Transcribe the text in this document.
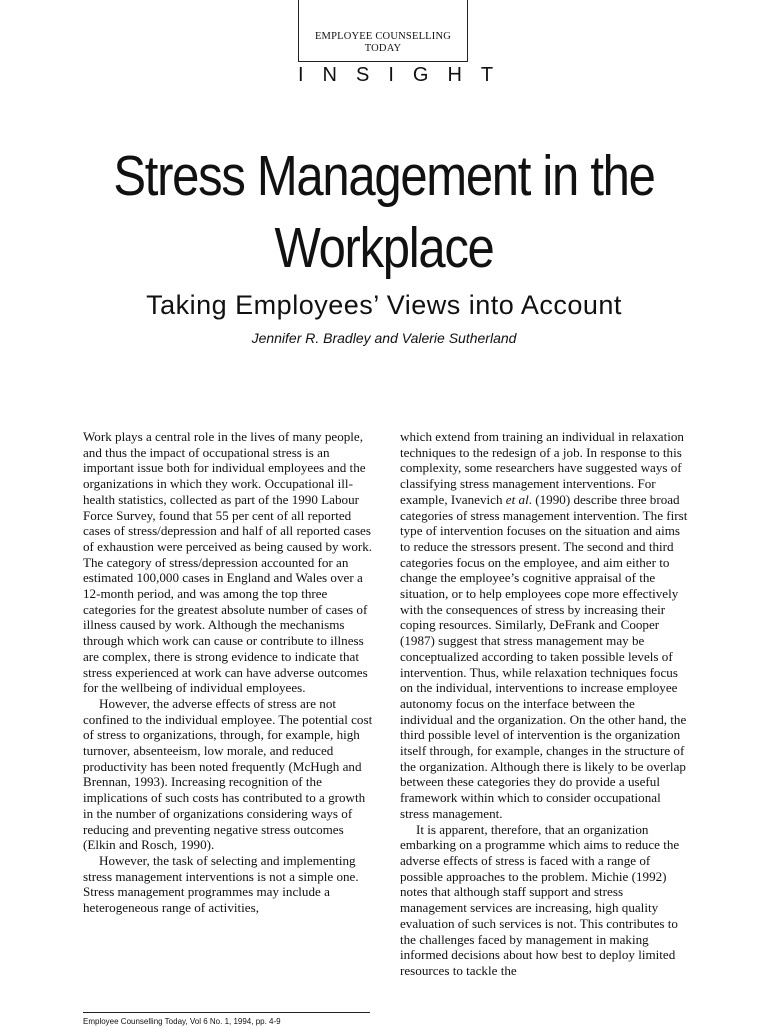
EMPLOYEE COUNSELLING
TODAY
INSIGHT
Stress Management in the
Workplace
Taking Employees’ Views into Account
Jennifer R. Bradley and Valerie Sutherland

Work plays a central role in the lives of many people, and thus the impact of occupational stress is an important issue both for individual employees and the organizations in which they work. Occupational ill-health statistics, collected as part of the 1990 Labour Force Survey, found that 55 per cent of all reported cases of stress/depression and half of all reported cases of exhaustion were perceived as being caused by work. The category of stress/depression accounted for an estimated 100,000 cases in England and Wales over a 12-month period, and was among the top three categories for the greatest absolute number of cases of illness caused by work. Although the mechanisms through which work can cause or contribute to illness are complex, there is strong evidence to indicate that stress experienced at work can have adverse outcomes for the wellbeing of individual employees.

However, the adverse effects of stress are not confined to the individual employee. The potential cost of stress to organizations, through, for example, high turnover, absenteeism, low morale, and reduced productivity has been noted frequently (McHugh and Brennan, 1993). Increasing recognition of the implications of such costs has contributed to a growth in the number of organizations considering ways of reducing and preventing negative stress outcomes (Elkin and Rosch, 1990).

However, the task of selecting and implementing stress management interventions is not a simple one. Stress management programmes may include a heterogeneous range of activities,

which extend from training an individual in relaxation techniques to the redesign of a job. In response to this complexity, some researchers have suggested ways of classifying stress management interventions. For example, Ivanevich et al. (1990) describe three broad categories of stress management intervention. The first type of intervention focuses on the situation and aims to reduce the stressors present. The second and third categories focus on the employee, and aim either to change the employee’s cognitive appraisal of the situation, or to help employees cope more effectively with the consequences of stress by increasing their coping resources. Similarly, DeFrank and Cooper (1987) suggest that stress management may be conceptualized according to taken possible levels of intervention. Thus, while relaxation techniques focus on the individual, interventions to increase employee autonomy focus on the interface between the individual and the organization. On the other hand, the third possible level of intervention is the organization itself through, for example, changes in the structure of the organization. Although there is likely to be overlap between these categories they do provide a useful framework within which to consider occupational stress management.

It is apparent, therefore, that an organization embarking on a programme which aims to reduce the adverse effects of stress is faced with a range of possible approaches to the problem. Michie (1992) notes that although staff support and stress management services are increasing, high quality evaluation of such services is not. This contributes to the challenges faced by management in making informed decisions about how best to deploy limited resources to tackle the

Employee Counselling Today, Vol 6 No. 1, 1994, pp. 4-9
